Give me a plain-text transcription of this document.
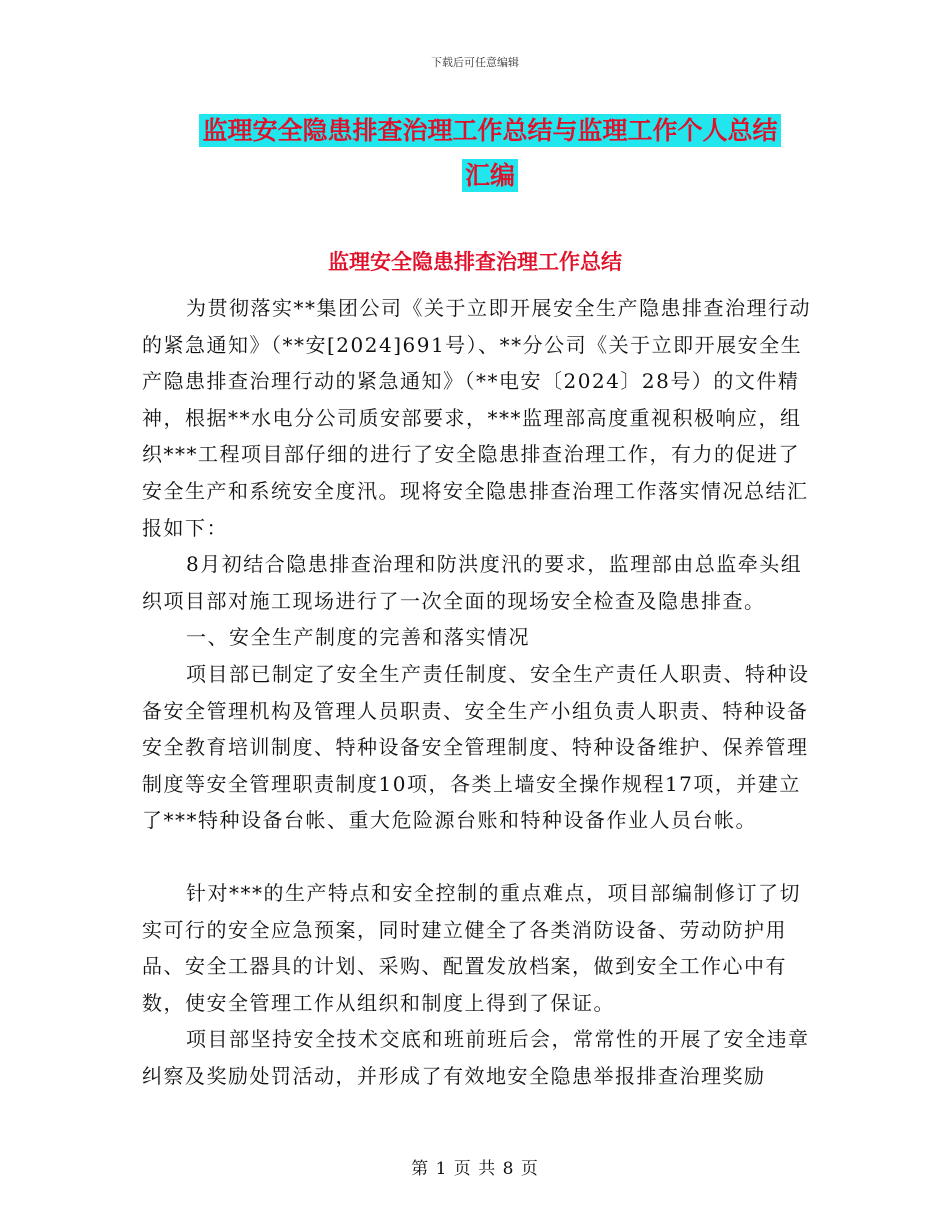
下载后可任意编辑
监理安全隐患排查治理工作总结与监理工作个人总结
汇编
监理安全隐患排查治理工作总结

为贯彻落实**集团公司《关于立即开展安全生产隐患排查治理行动的紧急通知》（**安[2024]691号）、**分公司《关于立即开展安全生产隐患排查治理行动的紧急通知》（**电安〔2024〕28号）的文件精神，根据**水电分公司质安部要求，***监理部高度重视积极响应，组织***工程项目部仔细的进行了安全隐患排查治理工作，有力的促进了安全生产和系统安全度汛。现将安全隐患排查治理工作落实情况总结汇报如下：

8月初结合隐患排查治理和防洪度汛的要求，监理部由总监牵头组织项目部对施工现场进行了一次全面的现场安全检查及隐患排查。

一、安全生产制度的完善和落实情况

项目部已制定了安全生产责任制度、安全生产责任人职责、特种设备安全管理机构及管理人员职责、安全生产小组负责人职责、特种设备安全教育培训制度、特种设备安全管理制度、特种设备维护、保养管理制度等安全管理职责制度10项，各类上墙安全操作规程17项，并建立了***特种设备台帐、重大危险源台账和特种设备作业人员台帐。

针对***的生产特点和安全控制的重点难点，项目部编制修订了切实可行的安全应急预案，同时建立健全了各类消防设备、劳动防护用品、安全工器具的计划、采购、配置发放档案，做到安全工作心中有数，使安全管理工作从组织和制度上得到了保证。

项目部坚持安全技术交底和班前班后会，常常性的开展了安全违章纠察及奖励处罚活动，并形成了有效地安全隐患举报排查治理奖励

第 1 页 共 8 页
